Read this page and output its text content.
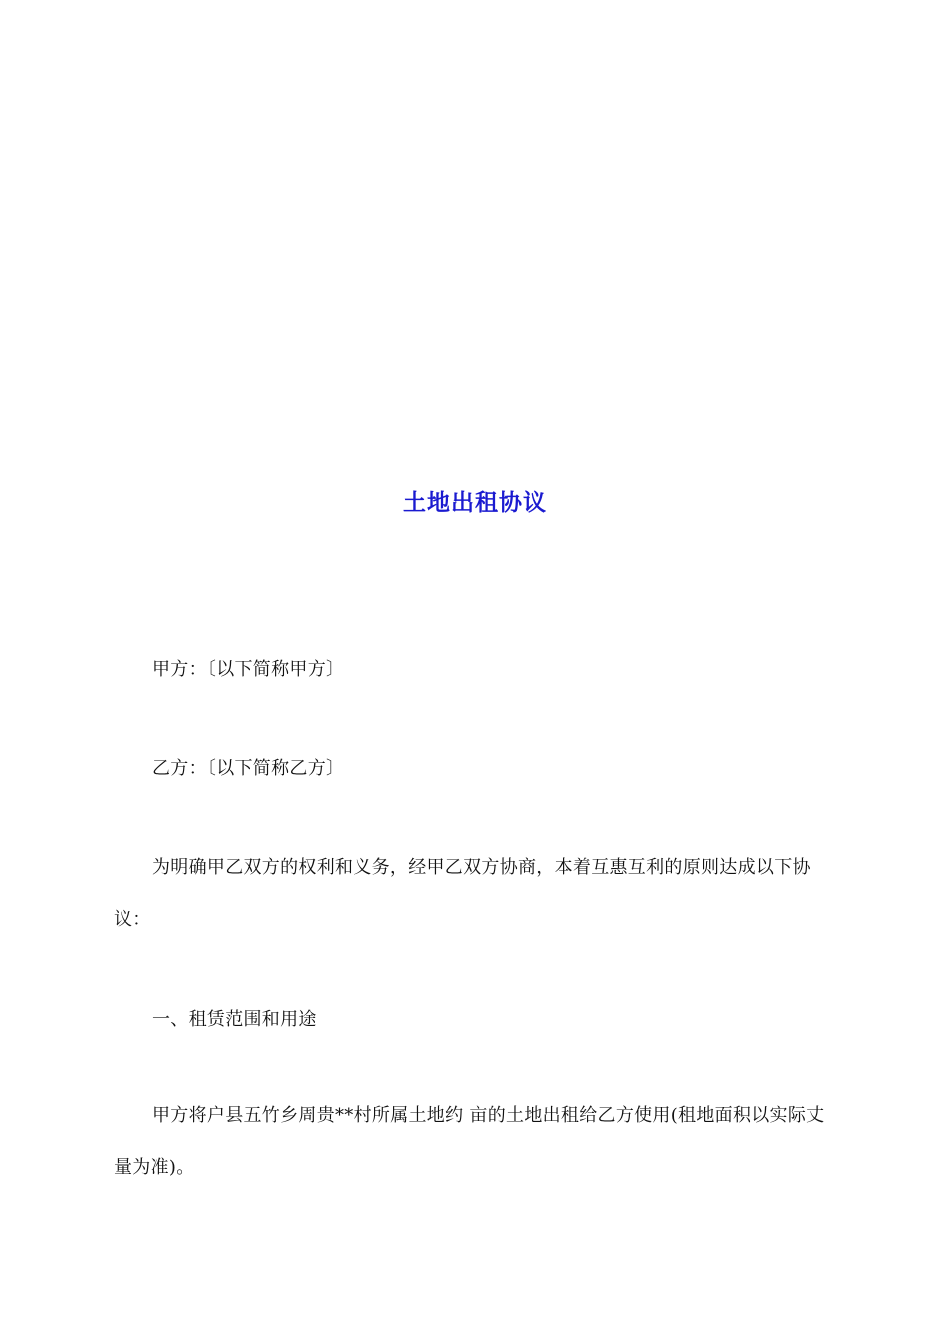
土地出租协议

甲方：〔以下简称甲方〕

乙方：〔以下简称乙方〕

为明确甲乙双方的权利和义务，经甲乙双方协商，本着互惠互利的原则达成以下协议：

一、租赁范围和用途

甲方将户县五竹乡周贵**村所属土地约 亩的土地出租给乙方使用(租地面积以实际丈量为准)。
